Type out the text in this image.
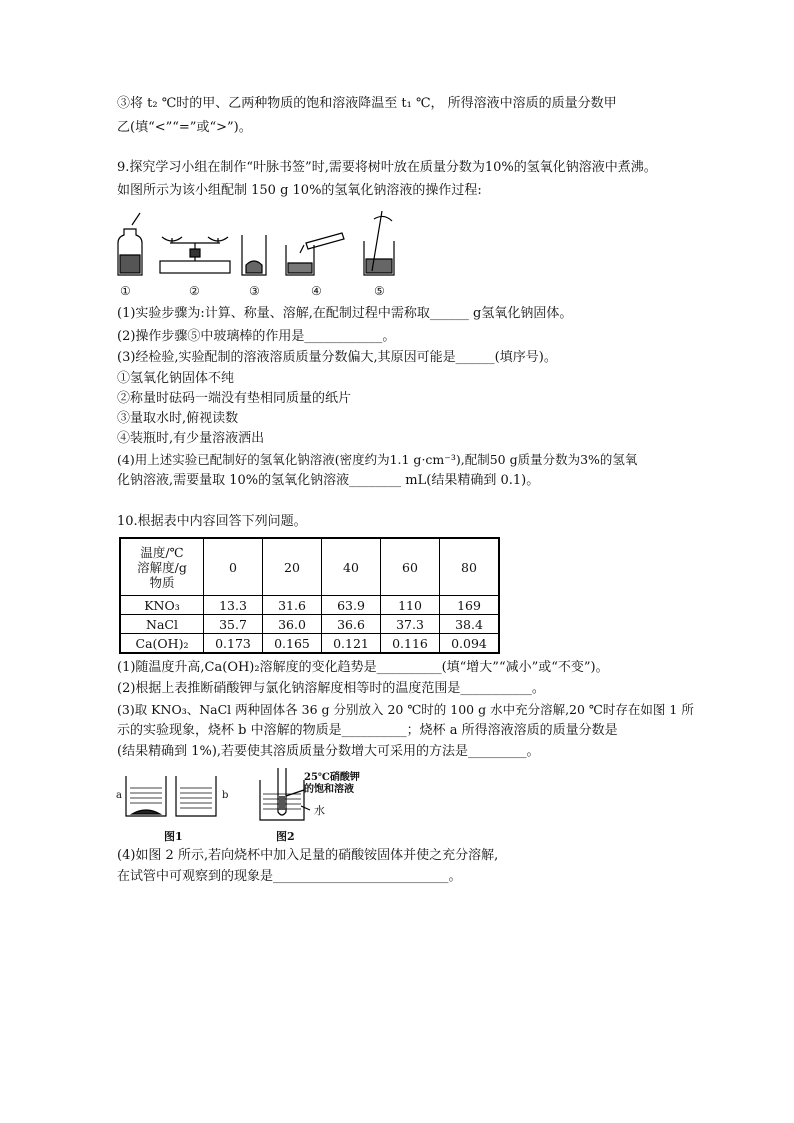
③将 t₂ ℃时的甲、乙两种物质的饱和溶液降温至 t₁ ℃， 所得溶液中溶质的质量分数甲
乙(填“<”“=”或“>”)。
9.探究学习小组在制作“叶脉书签”时,需要将树叶放在质量分数为10%的氢氧化钠溶液中煮沸。
如图所示为该小组配制 150 g 10%的氢氧化钠溶液的操作过程:
①	②	③	④	⑤
(1)实验步骤为:计算、称量、溶解,在配制过程中需称取______ g氢氧化钠固体。
(2)操作步骤⑤中玻璃棒的作用是____________。
(3)经检验,实验配制的溶液溶质质量分数偏大,其原因可能是______(填序号)。
①氢氧化钠固体不纯
②称量时砝码一端没有垫相同质量的纸片
③量取水时,俯视读数
④装瓶时,有少量溶液洒出
(4)用上述实验已配制好的氢氧化钠溶液(密度约为1.1 g·cm⁻³),配制50 g质量分数为3%的氢氧
化钠溶液,需要量取 10%的氢氧化钠溶液________ mL(结果精确到 0.1)。
10.根据表中内容回答下列问题。
温度/℃
溶解度/g
物质	0	20	40	60	80
KNO₃	13.3	31.6	63.9	110	169
NaCl	35.7	36.0	36.6	37.3	38.4
Ca(OH)₂	0.173	0.165	0.121	0.116	0.094
(1)随温度升高,Ca(OH)₂溶解度的变化趋势是__________(填“增大”“减小”或“不变”)。
(2)根据上表推断硝酸钾与氯化钠溶解度相等时的温度范围是___________。
(3)取 KNO₃、NaCl 两种固体各 36 g 分别放入 20 ℃时的 100 g 水中充分溶解,20 ℃时存在如图 1 所
示的实验现象，烧杯 b 中溶解的物质是__________；烧杯 a 所得溶液溶质的质量分数是
(结果精确到 1%),若要使其溶质质量分数增大可采用的方法是_________。
a	b
图1
25℃硝酸钾
的饱和溶液
水
图2
(4)如图 2 所示,若向烧杯中加入足量的硝酸铵固体并使之充分溶解,
在试管中可观察到的现象是___________________________。
